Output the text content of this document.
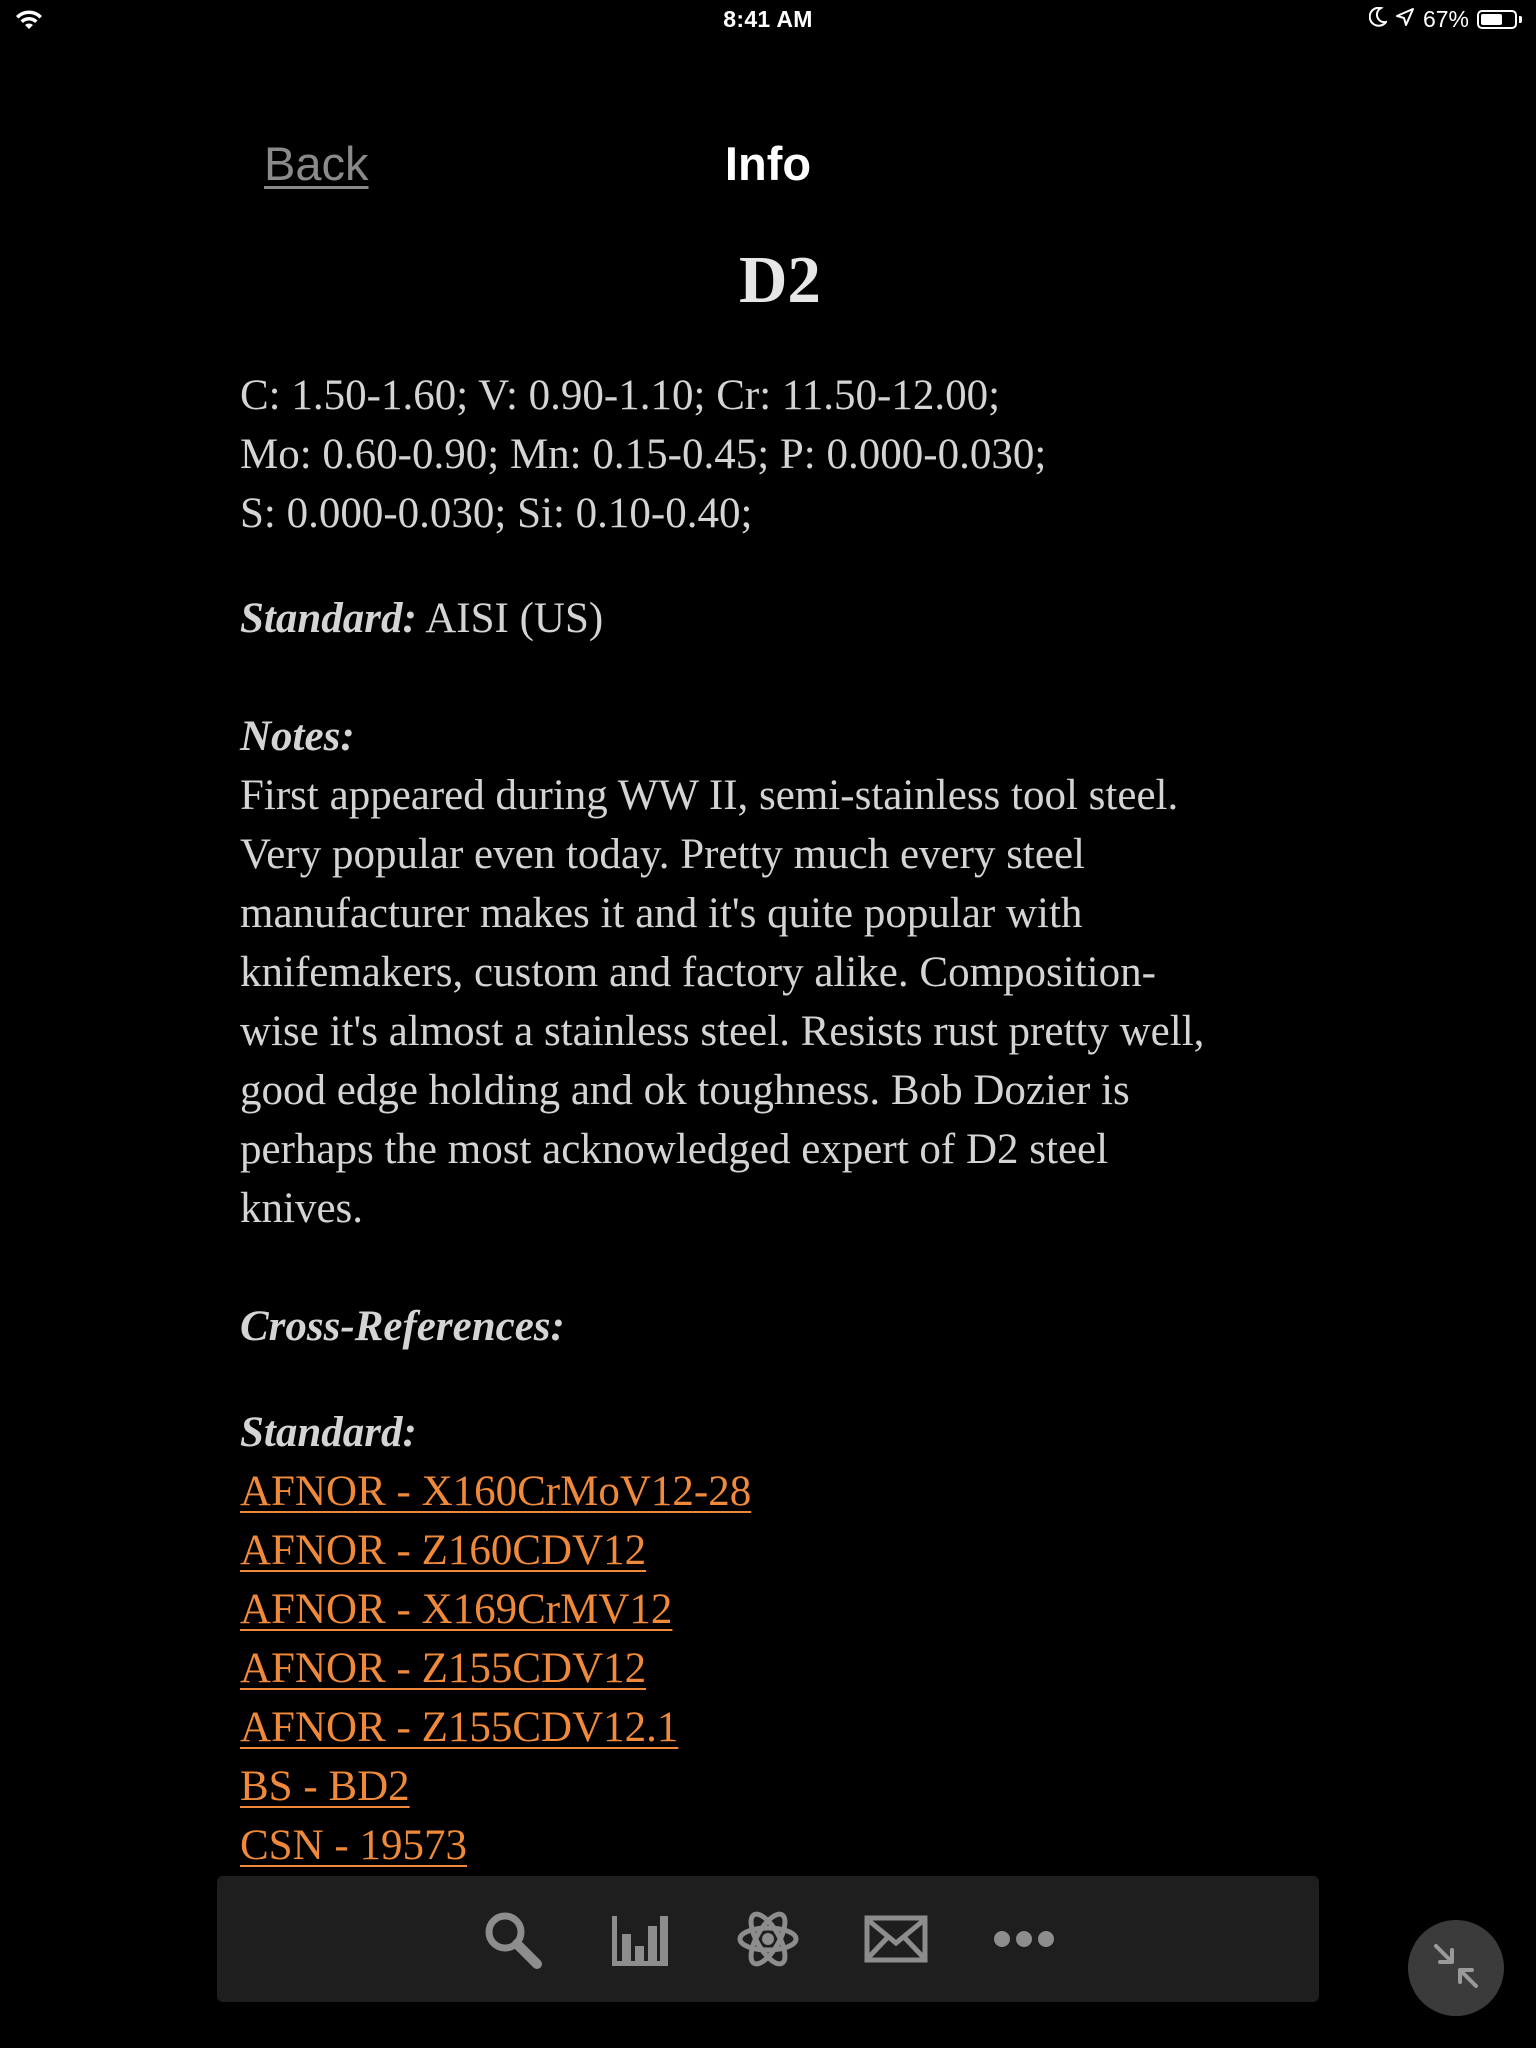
8:41 AM	67%
Info
Back
D2
C: 1.50-1.60; V: 0.90-1.10; Cr: 11.50-12.00;
Mo: 0.60-0.90; Mn: 0.15-0.45; P: 0.000-0.030;
S: 0.000-0.030; Si: 0.10-0.40;
Standard: AISI (US)
Notes:
First appeared during WW II, semi-stainless tool steel.
Very popular even today. Pretty much every steel
manufacturer makes it and it's quite popular with
knifemakers, custom and factory alike. Composition-
wise it's almost a stainless steel. Resists rust pretty well,
good edge holding and ok toughness. Bob Dozier is
perhaps the most acknowledged expert of D2 steel
knives.
Cross-References:
Standard:
AFNOR - X160CrMoV12-28
AFNOR - Z160CDV12
AFNOR - X169CrMV12
AFNOR - Z155CDV12
AFNOR - Z155CDV12.1
BS - BD2
CSN - 19573
